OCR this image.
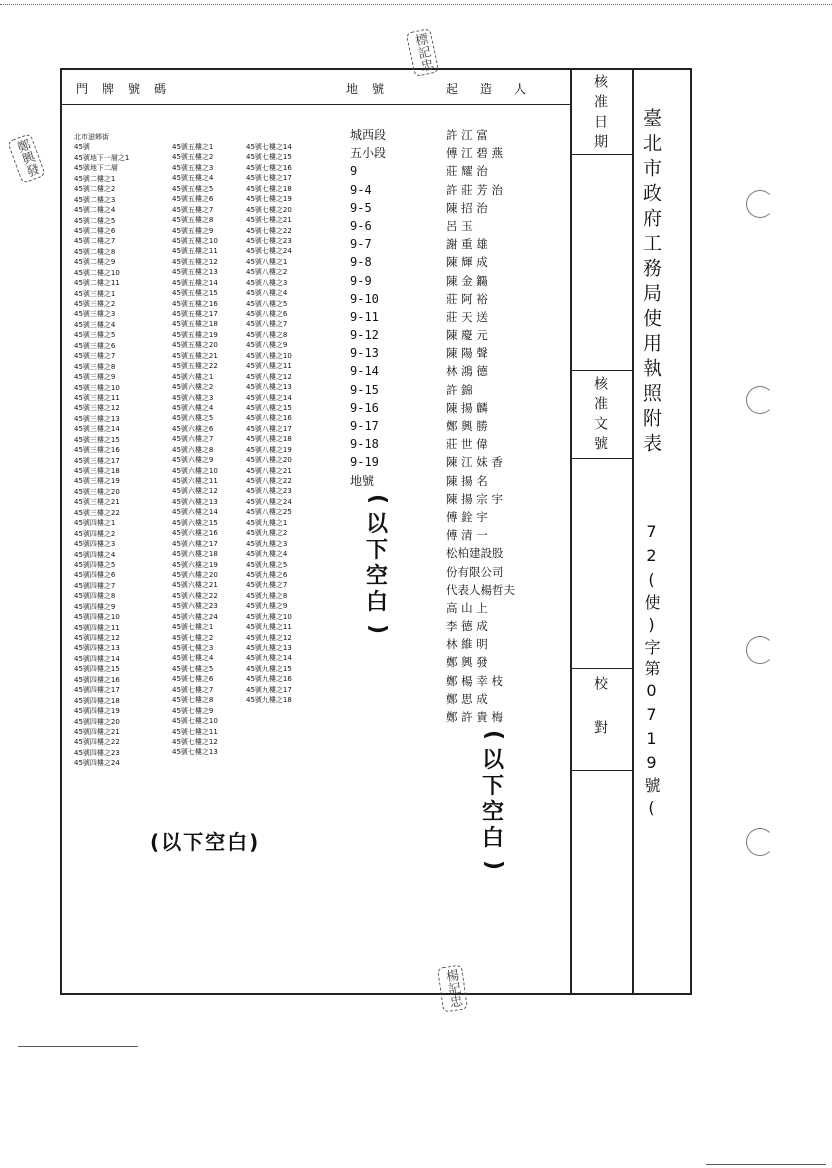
門牌號碼	地號	起造人
北市滋鄉街
45號
45號地下一層之1
45號地下二層
45號二樓之1
45號二樓之2
45號二樓之3
45號二樓之4
45號二樓之5
45號二樓之6
45號二樓之7
45號二樓之8
45號二樓之9
45號二樓之10
45號二樓之11
45號三樓之1
45號三樓之2
45號三樓之3
45號三樓之4
45號三樓之5
45號三樓之6
45號三樓之7
45號三樓之8
45號三樓之9
45號三樓之10
45號三樓之11
45號三樓之12
45號三樓之13
45號三樓之14
45號三樓之15
45號三樓之16
45號三樓之17
45號三樓之18
45號三樓之19
45號三樓之20
45號三樓之21
45號三樓之22
45號四樓之1
45號四樓之2
45號四樓之3
45號四樓之4
45號四樓之5
45號四樓之6
45號四樓之7
45號四樓之8
45號四樓之9
45號四樓之10
45號四樓之11
45號四樓之12
45號四樓之13
45號四樓之14
45號四樓之15
45號四樓之16
45號四樓之17
45號四樓之18
45號四樓之19
45號四樓之20
45號四樓之21
45號四樓之22
45號四樓之23
45號四樓之24
45號五樓之1
45號五樓之2
45號五樓之3
45號五樓之4
45號五樓之5
45號五樓之6
45號五樓之7
45號五樓之8
45號五樓之9
45號五樓之10
45號五樓之11
45號五樓之12
45號五樓之13
45號五樓之14
45號五樓之15
45號五樓之16
45號五樓之17
45號五樓之18
45號五樓之19
45號五樓之20
45號五樓之21
45號五樓之22
45號六樓之1
45號六樓之2
45號六樓之3
45號六樓之4
45號六樓之5
45號六樓之6
45號六樓之7
45號六樓之8
45號六樓之9
45號六樓之10
45號六樓之11
45號六樓之12
45號六樓之13
45號六樓之14
45號六樓之15
45號六樓之16
45號六樓之17
45號六樓之18
45號六樓之19
45號六樓之20
45號六樓之21
45號六樓之22
45號六樓之23
45號六樓之24
45號七樓之1
45號七樓之2
45號七樓之3
45號七樓之4
45號七樓之5
45號七樓之6
45號七樓之7
45號七樓之8
45號七樓之9
45號七樓之10
45號七樓之11
45號七樓之12
45號七樓之13
45號七樓之14
45號七樓之15
45號七樓之16
45號七樓之17
45號七樓之18
45號七樓之19
45號七樓之20
45號七樓之21
45號七樓之22
45號七樓之23
45號七樓之24
45號八樓之1
45號八樓之2
45號八樓之3
45號八樓之4
45號八樓之5
45號八樓之6
45號八樓之7
45號八樓之8
45號八樓之9
45號八樓之10
45號八樓之11
45號八樓之12
45號八樓之13
45號八樓之14
45號八樓之15
45號八樓之16
45號八樓之17
45號八樓之18
45號八樓之19
45號八樓之20
45號八樓之21
45號八樓之22
45號八樓之23
45號八樓之24
45號八樓之25
45號九樓之1
45號九樓之2
45號九樓之3
45號九樓之4
45號九樓之5
45號九樓之6
45號九樓之7
45號九樓之8
45號九樓之9
45號九樓之10
45號九樓之11
45號九樓之12
45號九樓之13
45號九樓之14
45號九樓之15
45號九樓之16
45號九樓之17
45號九樓之18
城西段
五小段
9
9-4
9-5
9-6
9-7
9-8
9-9
9-10
9-11
9-12
9-13
9-14
9-15
9-16
9-17
9-18
9-19
地號
許 江 富
傅 江 碧 燕
莊 耀 治
許 莊 芳 治
陳 招 治
呂 玉
謝 重 雄
陳 輝 成
陳 金 鐊
莊 阿 裕
莊 天 送
陳 慶 元
陳 陽 聲
林 鴻 德
許 錦
陳 揚 麟
鄭 興 勝
莊 世 偉
陳 江 妹 香
陳 揚 名
陳 揚 宗 宇
傅 銓 宇
傅 清 一
松柏建設股
份有限公司
代表人楊哲夫
高 山 上
李 德 成
林 維 明
鄭 興 發
鄭 楊 幸 枝
鄭 思 成
鄭 許 貴 梅
(
以
下
空
白
)
(
以
下
空
白
)
(以下空白)
核准日期
核准文號
校對
臺北市政府工務局使用執照附表
72(使)字第0719號(
標記忠
鄭興發
楊記忠
